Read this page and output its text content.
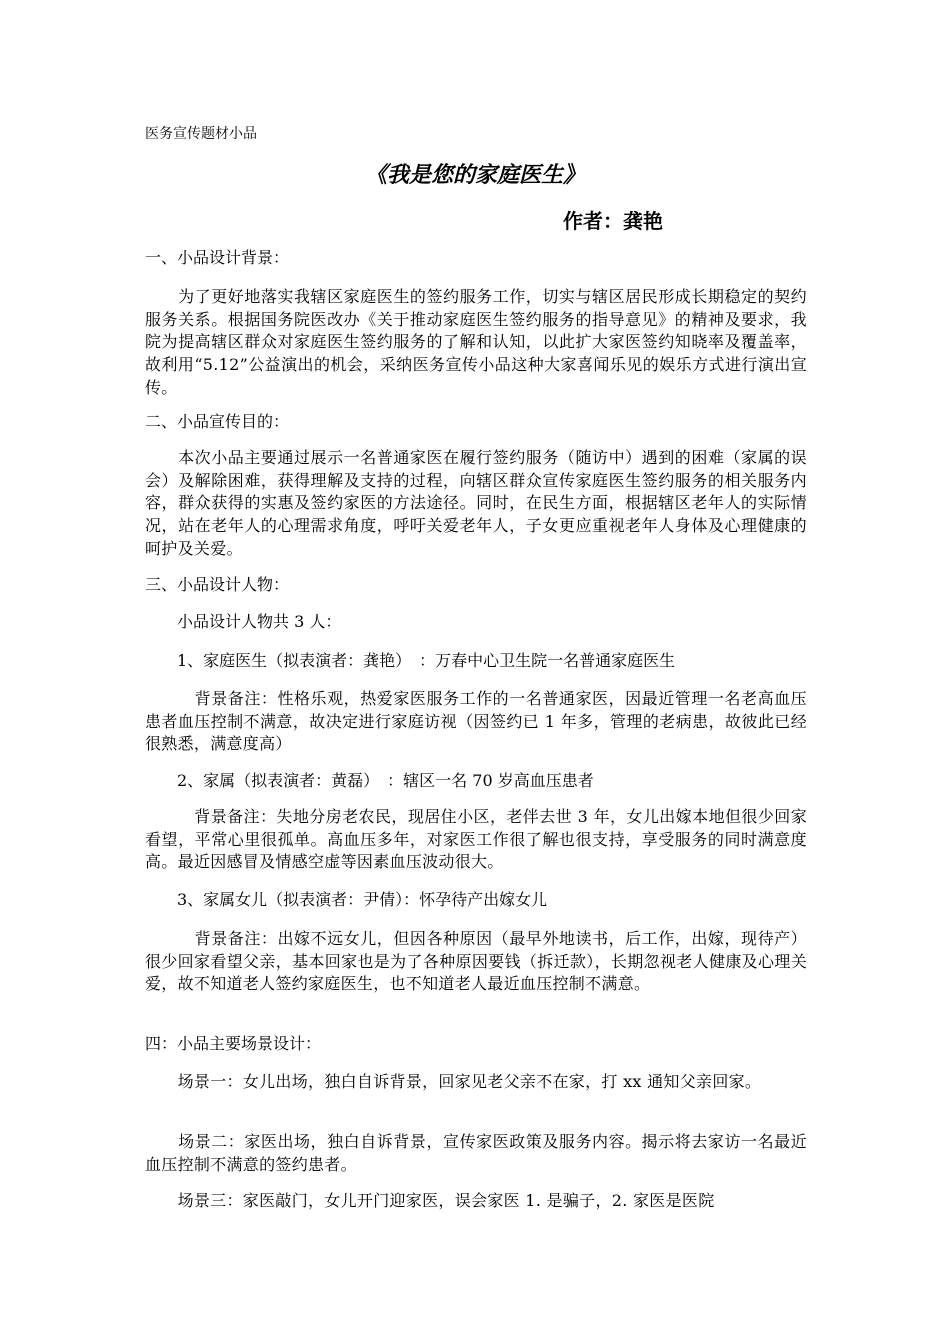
医务宣传题材小品
《我是您的家庭医生》
作者：龚艳
一、小品设计背景：
　　为了更好地落实我辖区家庭医生的签约服务工作，切实与辖区居民形成长期稳定的契约服务关系。根据国务院医改办《关于推动家庭医生签约服务的指导意见》的精神及要求，我院为提高辖区群众对家庭医生签约服务的了解和认知，以此扩大家医签约知晓率及覆盖率，故利用“5.12”公益演出的机会，采纳医务宣传小品这种大家喜闻乐见的娱乐方式进行演出宣传。
二、小品宣传目的：
　　本次小品主要通过展示一名普通家医在履行签约服务（随访中）遇到的困难（家属的误会）及解除困难，获得理解及支持的过程，向辖区群众宣传家庭医生签约服务的相关服务内容，群众获得的实惠及签约家医的方法途径。同时，在民生方面，根据辖区老年人的实际情况，站在老年人的心理需求角度，呼吁关爱老年人，子女更应重视老年人身体及心理健康的呵护及关爱。
三、小品设计人物：
　　小品设计人物共 3 人：
　　1、家庭医生（拟表演者：龚艳）　：万春中心卫生院一名普通家庭医生
　　　背景备注：性格乐观，热爱家医服务工作的一名普通家医，因最近管理一名老高血压患者血压控制不满意，故决定进行家庭访视（因签约已 1 年多，管理的老病患，故彼此已经很熟悉，满意度高）
　　2、家属（拟表演者：黄磊）　：辖区一名 70 岁高血压患者
　　　背景备注：失地分房老农民，现居住小区，老伴去世 3 年，女儿出嫁本地但很少回家看望，平常心里很孤单。高血压多年，对家医工作很了解也很支持，享受服务的同时满意度高。最近因感冒及情感空虚等因素血压波动很大。
　　3、家属女儿（拟表演者：尹倩）：怀孕待产出嫁女儿
　　　背景备注：出嫁不远女儿，但因各种原因（最早外地读书，后工作，出嫁，现待产）很少回家看望父亲，基本回家也是为了各种原因要钱（拆迁款），长期忽视老人健康及心理关爱，故不知道老人签约家庭医生，也不知道老人最近血压控制不满意。
四：小品主要场景设计：
　　场景一：女儿出场，独白自诉背景，回家见老父亲不在家，打 xx 通知父亲回家。
　　场景二：家医出场，独白自诉背景，宣传家医政策及服务内容。揭示将去家访一名最近血压控制不满意的签约患者。
　　场景三：家医敲门，女儿开门迎家医，误会家医 1. 是骗子，2. 家医是医院
